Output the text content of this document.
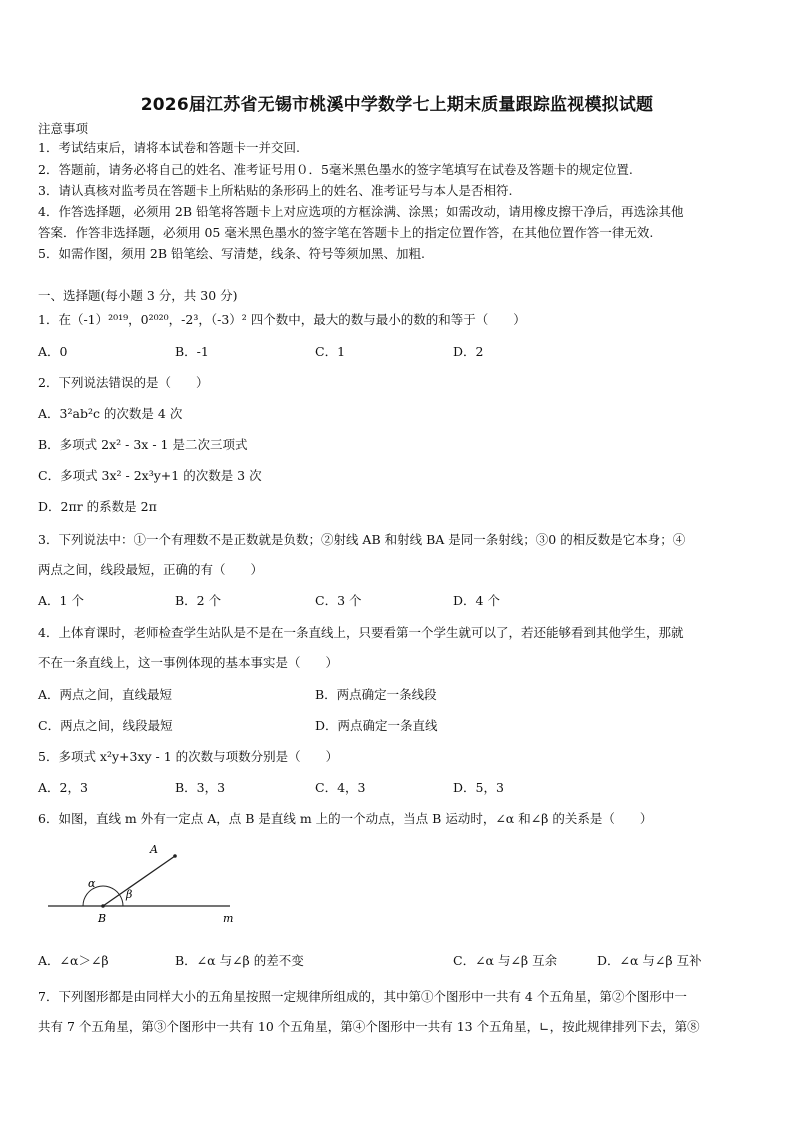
2026届江苏省无锡市桃溪中学数学七上期末质量跟踪监视模拟试题
注意事项
1．考试结束后，请将本试卷和答题卡一并交回.
2．答题前，请务必将自己的姓名、准考证号用０．5毫米黑色墨水的签字笔填写在试卷及答题卡的规定位置.
3．请认真核对监考员在答题卡上所粘贴的条形码上的姓名、准考证号与本人是否相符.
4．作答选择题，必须用 2B 铅笔将答题卡上对应选项的方框涂满、涂黑；如需改动，请用橡皮擦干净后，再选涂其他
答案．作答非选择题，必须用 05 毫米黑色墨水的签字笔在答题卡上的指定位置作答，在其他位置作答一律无效.
5．如需作图，须用 2B 铅笔绘、写清楚，线条、符号等须加黑、加粗.
一、选择题(每小题 3 分，共 30 分)
1．在（-1）²⁰¹⁹，0²⁰²⁰，-2³，（-3）² 四个数中，最大的数与最小的数的和等于（　　）
A．0	B．-1	C．1	D．2
2．下列说法错误的是（　　）
A．3²ab²c 的次数是 4 次
B．多项式 2x² - 3x - 1 是二次三项式
C．多项式 3x² - 2x³y+1 的次数是 3 次
D．2πr 的系数是 2π
3．下列说法中：①一个有理数不是正数就是负数；②射线 AB 和射线 BA 是同一条射线；③0 的相反数是它本身；④
两点之间，线段最短，正确的有（　　）
A．1 个	B．2 个	C．3 个	D．4 个
4．上体育课时，老师检查学生站队是不是在一条直线上，只要看第一个学生就可以了，若还能够看到其他学生，那就
不在一条直线上，这一事例体现的基本事实是（　　）
A．两点之间，直线最短	B．两点确定一条线段
C．两点之间，线段最短	D．两点确定一条直线
5．多项式 x²y+3xy - 1 的次数与项数分别是（　　）
A．2，3	B．3，3	C．4，3	D．5，3
6．如图，直线 m 外有一定点 A，点 B 是直线 m 上的一个动点，当点 B 运动时，∠α 和∠β 的关系是（　　）
A
B	m
α
β
A．∠α＞∠β	B．∠α 与∠β 的差不变	C．∠α 与∠β 互余	D．∠α 与∠β 互补
7．下列图形都是由同样大小的五角星按照一定规律所组成的，其中第①个图形中一共有 4 个五角星，第②个图形中一
共有 7 个五角星，第③个图形中一共有 10 个五角星，第④个图形中一共有 13 个五角星，∟，按此规律排列下去，第⑧
